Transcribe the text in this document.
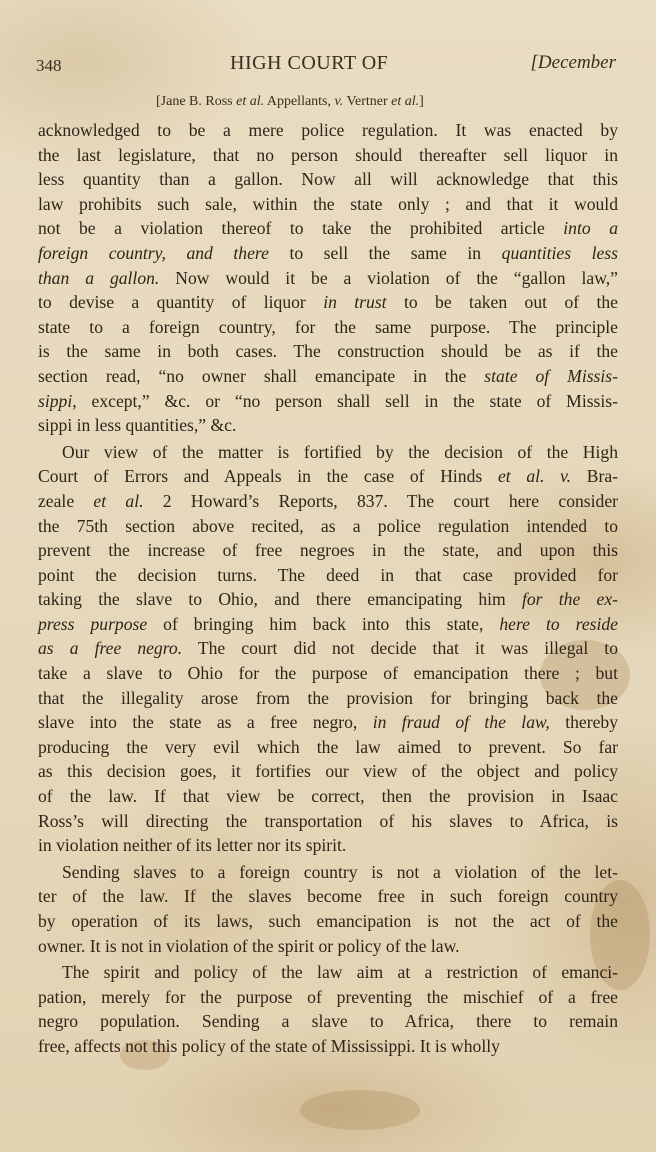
348	HIGH COURT OF	[December
[Jane B. Ross et al. Appellants, v. Vertner et al.]
acknowledged to be a mere police regulation. It was enacted by
the last legislature, that no person should thereafter sell liquor in
less quantity than a gallon. Now all will acknowledge that this
law prohibits such sale, within the state only ; and that it would
not be a violation thereof to take the prohibited article into a
foreign country, and there to sell the same in quantities less
than a gallon. Now would it be a violation of the “gallon law,”
to devise a quantity of liquor in trust to be taken out of the
state to a foreign country, for the same purpose. The principle
is the same in both cases. The construction should be as if the
section read, “no owner shall emancipate in the state of Missis-
sippi, except,” &c. or “no person shall sell in the state of Missis-
sippi in less quantities,” &c.
Our view of the matter is fortified by the decision of the High
Court of Errors and Appeals in the case of Hinds et al. v. Bra-
zeale et al. 2 Howard’s Reports, 837. The court here consider
the 75th section above recited, as a police regulation intended to
prevent the increase of free negroes in the state, and upon this
point the decision turns. The deed in that case provided for
taking the slave to Ohio, and there emancipating him for the ex-
press purpose of bringing him back into this state, here to reside
as a free negro. The court did not decide that it was illegal to
take a slave to Ohio for the purpose of emancipation there ; but
that the illegality arose from the provision for bringing back the
slave into the state as a free negro, in fraud of the law, thereby
producing the very evil which the law aimed to prevent. So far
as this decision goes, it fortifies our view of the object and policy
of the law. If that view be correct, then the provision in Isaac
Ross’s will directing the transportation of his slaves to Africa, is
in violation neither of its letter nor its spirit.
Sending slaves to a foreign country is not a violation of the let-
ter of the law. If the slaves become free in such foreign country
by operation of its laws, such emancipation is not the act of the
owner. It is not in violation of the spirit or policy of the law.
The spirit and policy of the law aim at a restriction of emanci-
pation, merely for the purpose of preventing the mischief of a free
negro population. Sending a slave to Africa, there to remain
free, affects not this policy of the state of Mississippi. It is wholly
